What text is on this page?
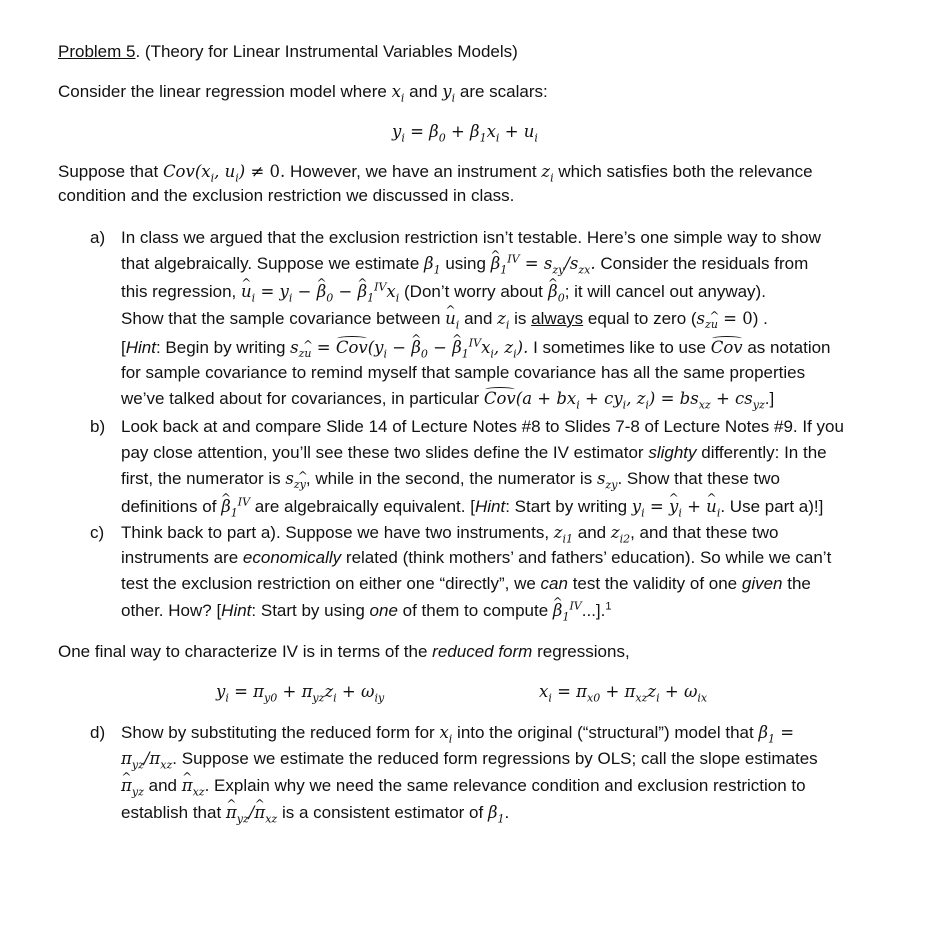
Problem 5. (Theory for Linear Instrumental Variables Models)
Consider the linear regression model where $x_i$ and $y_i$ are scalars:
$y_i = \beta_0 + \beta_1x_i + u_i$
Suppose that $Cov(x_i$, $u_i) \ne 0$. However, we have an instrument $z_i$ which satisfies both the relevance
condition and the exclusion restriction we discussed in class.
a) In class we argued that the exclusion restriction isn’t testable. Here’s one simple way to show
that algebraically. Suppose we estimate $\beta_1$ using ^ $\beta_1^{IV} = s_{zy}/s_{zx}$. Consider the residuals from
this regression, ^ $u_i = y_i$ − ^ $\beta_0$ − ^ $\beta_1^{IV}x_i$ (Don’t worry about ^ $\beta_0$; it will cancel out anyway).
Show that the sample covariance between ^ $u_i$ and $z_i$ is always equal to zero $(s_{zu} = 0)$ .
[Hint: Begin by writing $s_{zu} = Cov(y_i$ − ^ $\beta_0$ − ^ $\beta_1^{IV}x_i$, $z_i$). I sometimes like to use Cov as notation
for sample covariance to remind myself that sample covariance has all the same properties
we’ve talked about for covariances, in particular $Cov(a + bx_i + cy_i$, $z_i) = bs_{xz} + cs_{yz}$.]
b) Look back at and compare Slide 14 of Lecture Notes #8 to Slides 7-8 of Lecture Notes #9. If you
pay close attention, you’ll see these two slides define the IV estimator slighty differently: In the
first, the numerator is $s_{zy}$, while in the second, the numerator is $s_{zy}$. Show that these two
definitions of ^ $\beta_1^{IV}$ are algebraically equivalent. [Hint: Start by writing $y_i$ = ^ $y_i$ + ^ $u_i$. Use part a)!]
c) Think back to part a). Suppose we have two instruments, $z_{i1}$ and $z_{i2}$, and that these two
instruments are economically related (think mothers’ and fathers’ education). So while we can’t
test the exclusion restriction on either one “directly”, we can test the validity of one given the
other. How? [Hint: Start by using one of them to compute ^ $\beta_1^{IV}...].^1$
One final way to characterize IV is in terms of the reduced form regressions,
$y_i = \pi_{y0} + \pi_{yz}z_i + \omega_{iy}$	$x_i = \pi_{x0} + \pi_{xz}z_i + \omega_{ix}$
d) Show by substituting the reduced form for $x_i$ into the original (“structural”) model that $\beta_1$ =
$\pi_{yz}/\pi_{xz}$. Suppose we estimate the reduced form regressions by OLS; call the slope estimates
^ $\pi_{yz}$ and ^ $\pi_{xz}$. Explain why we need the same relevance condition and exclusion restriction to
establish that ^ $\pi_{yz}/\^{}$ $\pi_{xz}$ is a consistent estimator of $\beta_1$.
